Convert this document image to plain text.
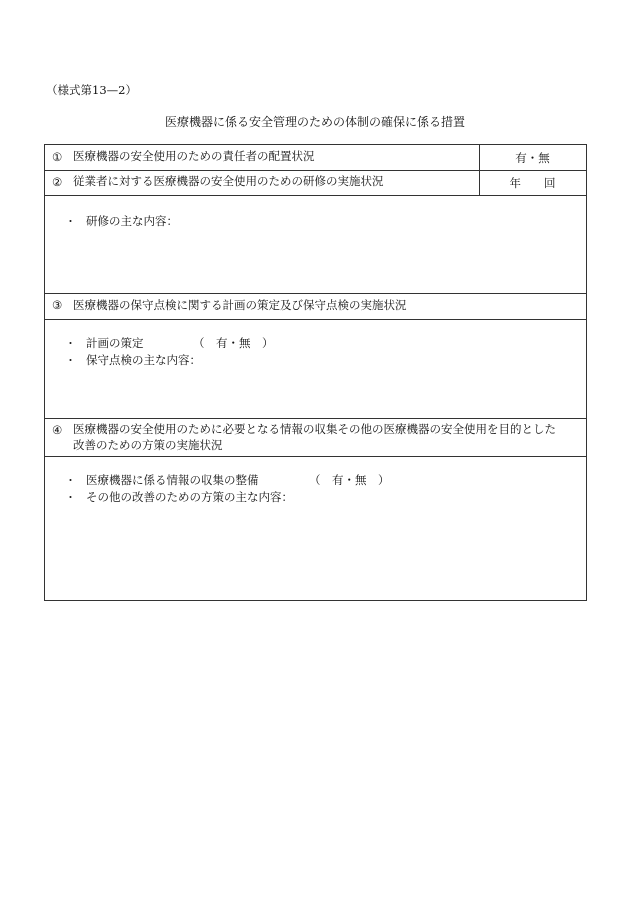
（様式第13—2）
医療機器に係る安全管理のための体制の確保に係る措置
① 医療機器の安全使用のための責任者の配置状況	有・無
② 従業者に対する医療機器の安全使用のための研修の実施状況	年　　回
・ 研修の主な内容：
③ 医療機器の保守点検に関する計画の策定及び保守点検の実施状況
・ 計画の策定	（　有・無　）
・ 保守点検の主な内容：
④ 医療機器の安全使用のために必要となる情報の収集その他の医療機器の安全使用を目的とした
改善のための方策の実施状況
・ 医療機器に係る情報の収集の整備	（　有・無　）
・ その他の改善のための方策の主な内容：
